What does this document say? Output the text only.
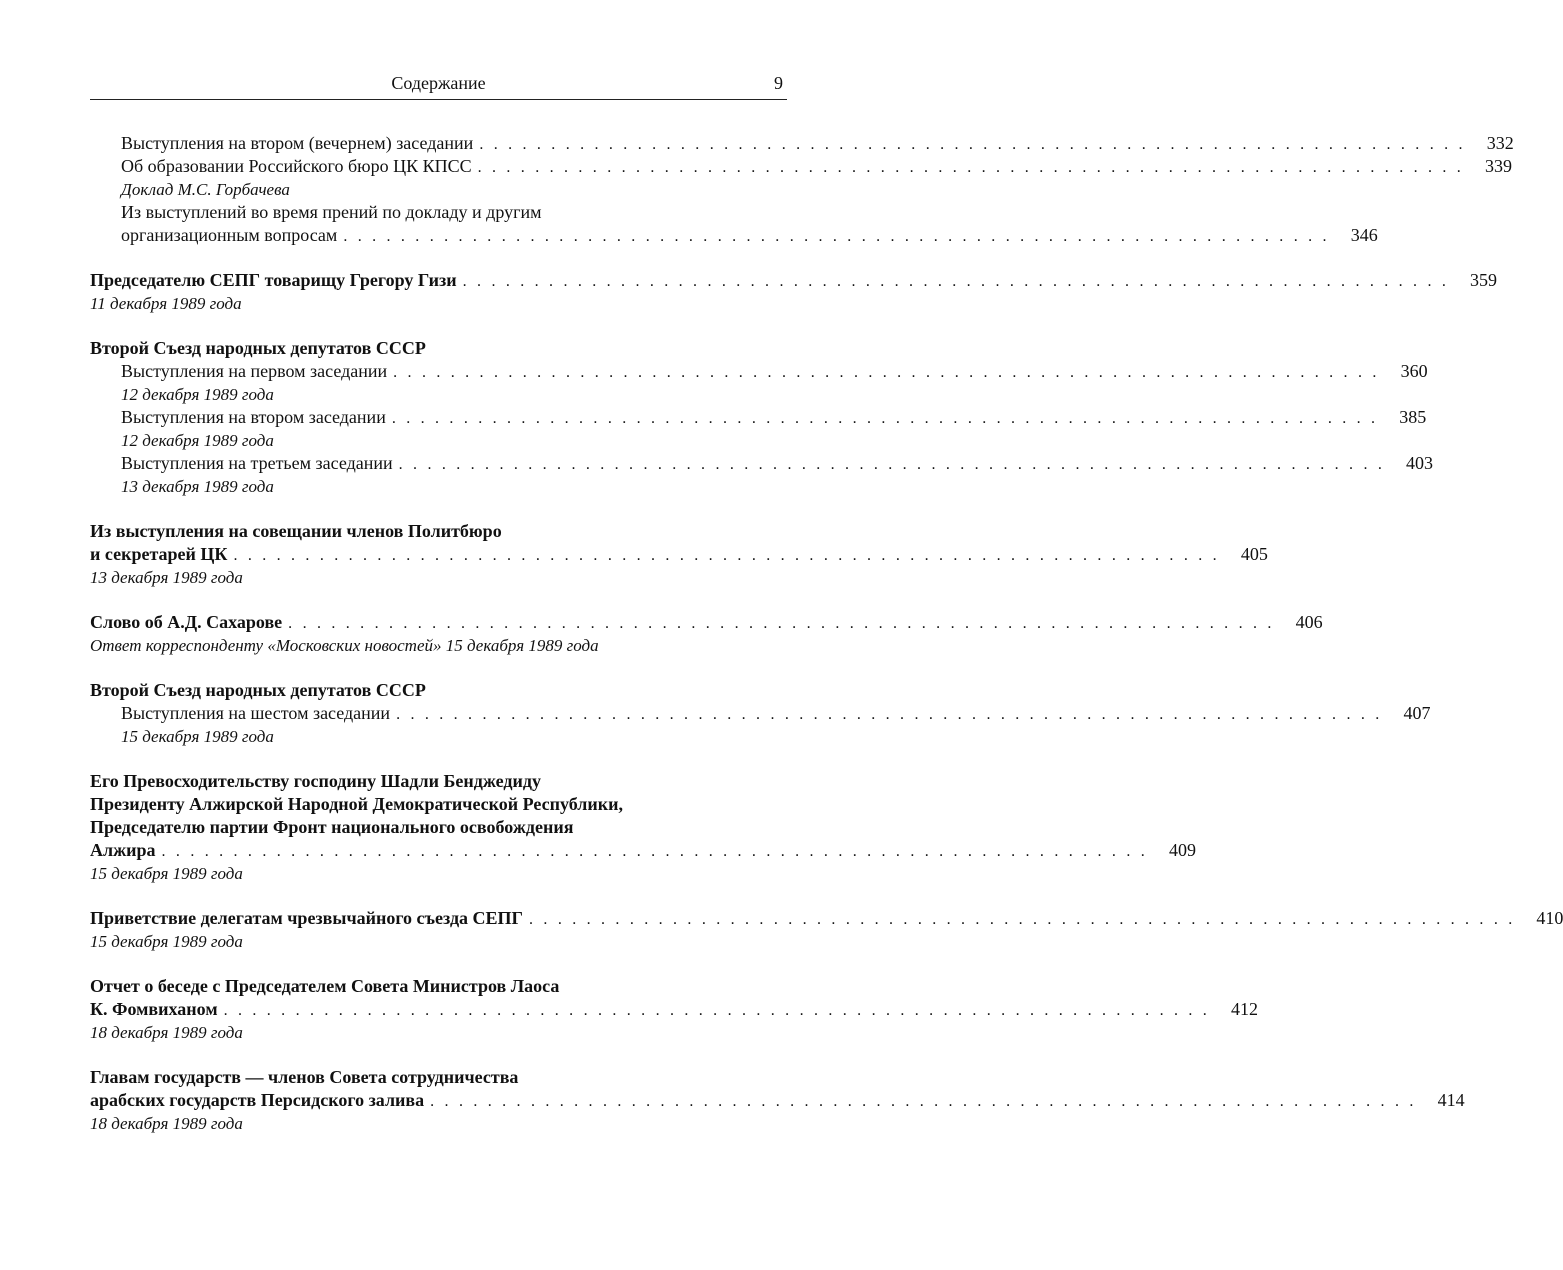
Содержание	9
Выступления на втором (вечернем) заседании . . . . . . . . . . . . . . . . . . . . . . . . . . . . . . . . . . . . . . . . . . . . . . . . . . . . . . . . . . . . . . . . . . . . .	332
Об образовании Российского бюро ЦК КПСС . . . . . . . . . . . . . . . . . . . . . . . . . . . . . . . . . . . . . . . . . . . . . . . . . . . . . . . . . . . . . . . . . . . . .	339
Доклад М.С. Горбачева
Из выступлений во время прений по докладу и другим
организационным вопросам . . . . . . . . . . . . . . . . . . . . . . . . . . . . . . . . . . . . . . . . . . . . . . . . . . . . . . . . . . . . . . . . . . . . .	346
Председателю СЕПГ товарищу Грегору Гизи . . . . . . . . . . . . . . . . . . . . . . . . . . . . . . . . . . . . . . . . . . . . . . . . . . . . . . . . . . . . . . . . . . . . .	359
11 декабря 1989 года
Второй Съезд народных депутатов СССР
Выступления на первом заседании . . . . . . . . . . . . . . . . . . . . . . . . . . . . . . . . . . . . . . . . . . . . . . . . . . . . . . . . . . . . . . . . . . . . .	360
12 декабря 1989 года
Выступления на втором заседании . . . . . . . . . . . . . . . . . . . . . . . . . . . . . . . . . . . . . . . . . . . . . . . . . . . . . . . . . . . . . . . . . . . . .	385
12 декабря 1989 года
Выступления на третьем заседании . . . . . . . . . . . . . . . . . . . . . . . . . . . . . . . . . . . . . . . . . . . . . . . . . . . . . . . . . . . . . . . . . . . . .	403
13 декабря 1989 года
Из выступления на совещании членов Политбюро
и секретарей ЦК . . . . . . . . . . . . . . . . . . . . . . . . . . . . . . . . . . . . . . . . . . . . . . . . . . . . . . . . . . . . . . . . . . . . .	405
13 декабря 1989 года
Слово об А.Д. Сахарове . . . . . . . . . . . . . . . . . . . . . . . . . . . . . . . . . . . . . . . . . . . . . . . . . . . . . . . . . . . . . . . . . . . . .	406
Ответ корреспонденту «Московских новостей» 15 декабря 1989 года
Второй Съезд народных депутатов СССР
Выступления на шестом заседании . . . . . . . . . . . . . . . . . . . . . . . . . . . . . . . . . . . . . . . . . . . . . . . . . . . . . . . . . . . . . . . . . . . . .	407
15 декабря 1989 года
Его Превосходительству господину Шадли Бенджедиду
Президенту Алжирской Народной Демократической Республики,
Председателю партии Фронт национального освобождения
Алжира . . . . . . . . . . . . . . . . . . . . . . . . . . . . . . . . . . . . . . . . . . . . . . . . . . . . . . . . . . . . . . . . . . . . .	409
15 декабря 1989 года
Приветствие делегатам чрезвычайного съезда СЕПГ . . . . . . . . . . . . . . . . . . . . . . . . . . . . . . . . . . . . . . . . . . . . . . . . . . . . . . . . . . . . . . . . . . . . .	410
15 декабря 1989 года
Отчет о беседе с Председателем Совета Министров Лаоса
К. Фомвиханом . . . . . . . . . . . . . . . . . . . . . . . . . . . . . . . . . . . . . . . . . . . . . . . . . . . . . . . . . . . . . . . . . . . . .	412
18 декабря 1989 года
Главам государств — членов Совета сотрудничества
арабских государств Персидского залива . . . . . . . . . . . . . . . . . . . . . . . . . . . . . . . . . . . . . . . . . . . . . . . . . . . . . . . . . . . . . . . . . . . . .	414
18 декабря 1989 года
